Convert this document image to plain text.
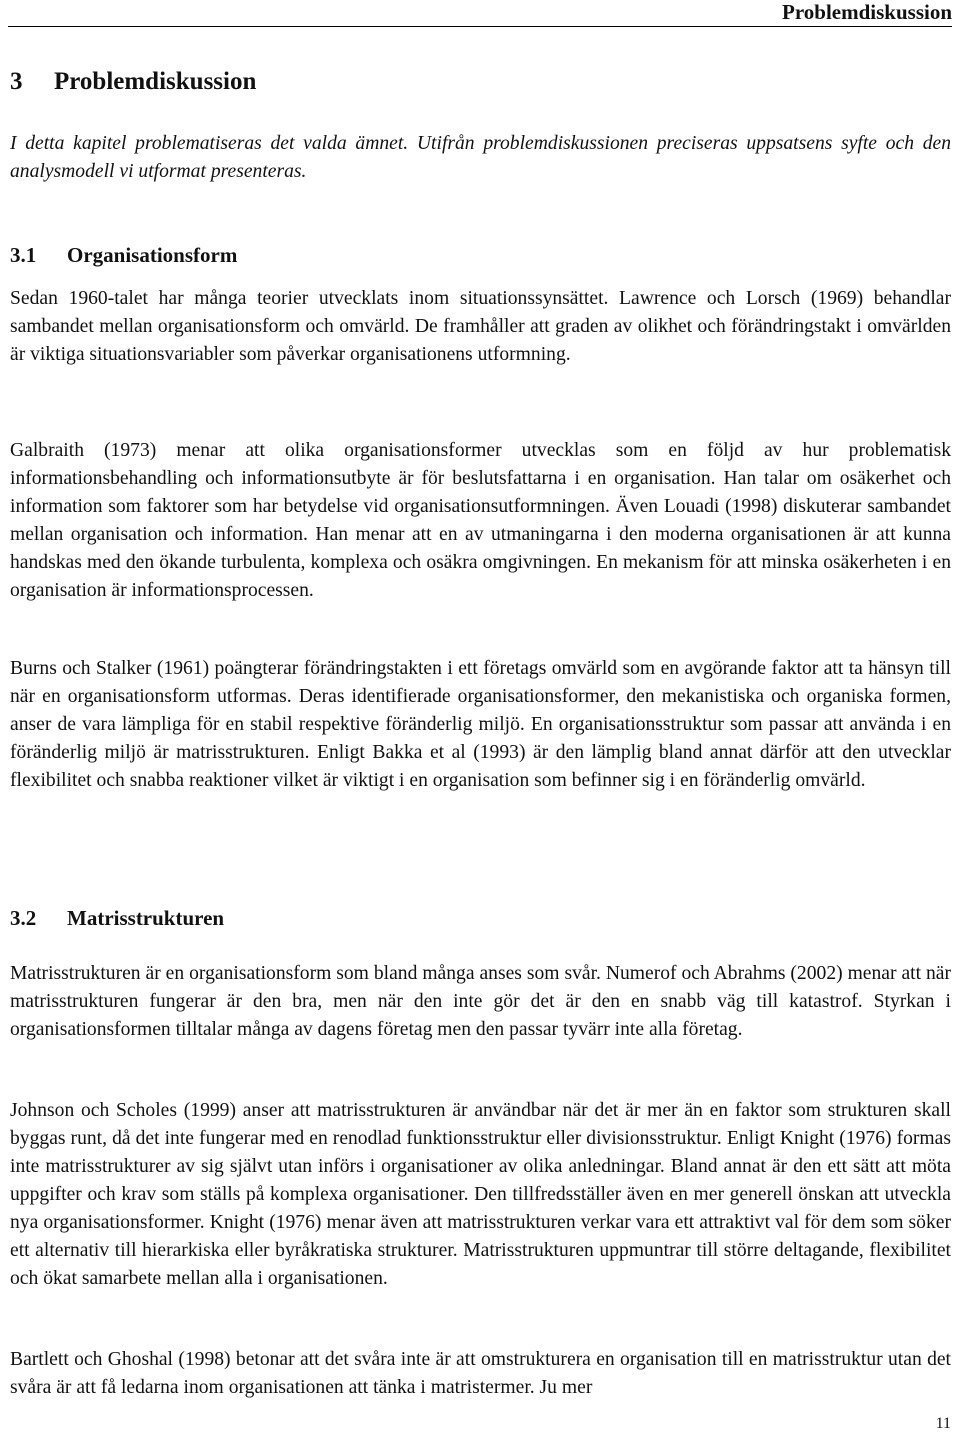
Problemdiskussion
3 Problemdiskussion

I detta kapitel problematiseras det valda ämnet. Utifrån problemdiskussionen preciseras uppsatsens syfte och den analysmodell vi utformat presenteras.

3.1 Organisationsform

Sedan 1960-talet har många teorier utvecklats inom situationssynsättet. Lawrence och Lorsch (1969) behandlar sambandet mellan organisationsform och omvärld. De framhåller att graden av olikhet och förändringstakt i omvärlden är viktiga situationsvariabler som påverkar organisationens utformning.

Galbraith (1973) menar att olika organisationsformer utvecklas som en följd av hur problematisk informationsbehandling och informationsutbyte är för beslutsfattarna i en organisation. Han talar om osäkerhet och information som faktorer som har betydelse vid organisationsutformningen. Även Louadi (1998) diskuterar sambandet mellan organisation och information. Han menar att en av utmaningarna i den moderna organisationen är att kunna handskas med den ökande turbulenta, komplexa och osäkra omgivningen. En mekanism för att minska osäkerheten i en organisation är informationsprocessen.

Burns och Stalker (1961) poängterar förändringstakten i ett företags omvärld som en avgörande faktor att ta hänsyn till när en organisationsform utformas. Deras identifierade organisationsformer, den mekanistiska och organiska formen, anser de vara lämpliga för en stabil respektive föränderlig miljö. En organisationsstruktur som passar att använda i en föränderlig miljö är matrisstrukturen. Enligt Bakka et al (1993) är den lämplig bland annat därför att den utvecklar flexibilitet och snabba reaktioner vilket är viktigt i en organisation som befinner sig i en föränderlig omvärld.

3.2 Matrisstrukturen

Matrisstrukturen är en organisationsform som bland många anses som svår. Numerof och Abrahms (2002) menar att när matrisstrukturen fungerar är den bra, men när den inte gör det är den en snabb väg till katastrof. Styrkan i organisationsformen tilltalar många av dagens företag men den passar tyvärr inte alla företag.

Johnson och Scholes (1999) anser att matrisstrukturen är användbar när det är mer än en faktor som strukturen skall byggas runt, då det inte fungerar med en renodlad funktionsstruktur eller divisionsstruktur. Enligt Knight (1976) formas inte matrisstrukturer av sig självt utan införs i organisationer av olika anledningar. Bland annat är den ett sätt att möta uppgifter och krav som ställs på komplexa organisationer. Den tillfredsställer även en mer generell önskan att utveckla nya organisationsformer. Knight (1976) menar även att matrisstrukturen verkar vara ett attraktivt val för dem som söker ett alternativ till hierarkiska eller byråkratiska strukturer. Matrisstrukturen uppmuntrar till större deltagande, flexibilitet och ökat samarbete mellan alla i organisationen.

Bartlett och Ghoshal (1998) betonar att det svåra inte är att omstrukturera en organisation till en matrisstruktur utan det svåra är att få ledarna inom organisationen att tänka i matristermer. Ju mer

11
